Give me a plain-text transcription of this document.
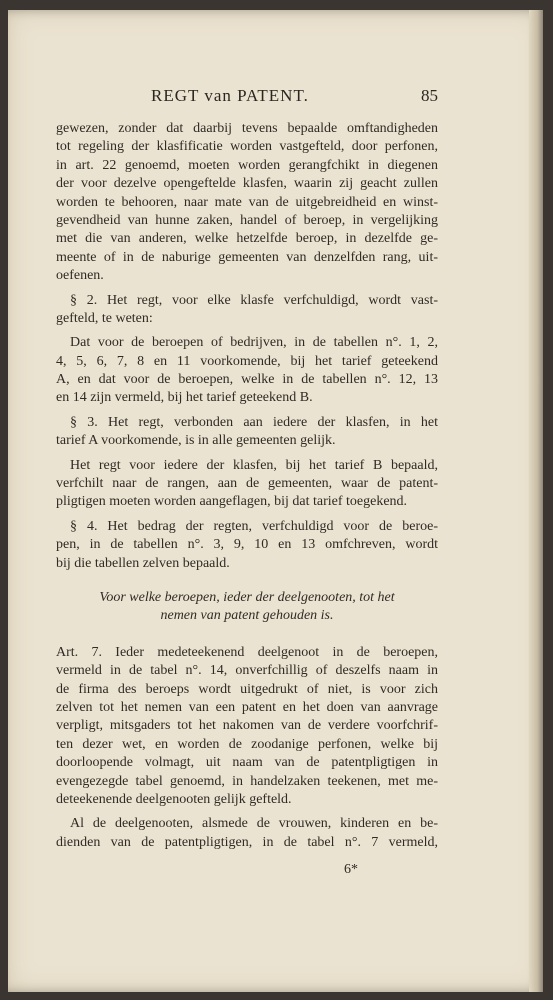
REGT van PATENT.	85
gewezen, zonder dat daarbij tevens bepaalde omftandigheden
tot regeling der klasfificatie worden vastgefteld, door perfonen,
in art. 22 genoemd, moeten worden gerangfchikt in diegenen
der voor dezelve opengeftelde klasfen, waarin zij geacht zullen
worden te behooren, naar mate van de uitgebreidheid en winst-
gevendheid van hunne zaken, handel of beroep, in vergelijking
met die van anderen, welke hetzelfde beroep, in dezelfde ge-
meente of in de naburige gemeenten van denzelfden rang, uit-
oefenen.
§ 2. Het regt, voor elke klasfe verfchuldigd, wordt vast-
gefteld, te weten:
Dat voor de beroepen of bedrijven, in de tabellen n°. 1, 2,
4, 5, 6, 7, 8 en 11 voorkomende, bij het tarief geteekend
A, en dat voor de beroepen, welke in de tabellen n°. 12, 13
en 14 zijn vermeld, bij het tarief geteekend B.
§ 3. Het regt, verbonden aan iedere der klasfen, in het
tarief A voorkomende, is in alle gemeenten gelijk.
Het regt voor iedere der klasfen, bij het tarief B bepaald,
verfchilt naar de rangen, aan de gemeenten, waar de patent-
pligtigen moeten worden aangeflagen, bij dat tarief toegekend.
§ 4. Het bedrag der regten, verfchuldigd voor de beroe-
pen, in de tabellen n°. 3, 9, 10 en 13 omfchreven, wordt
bij die tabellen zelven bepaald.
Voor welke beroepen, ieder der deelgenooten, tot het
nemen van patent gehouden is.
Art. 7. Ieder medeteekenend deelgenoot in de beroepen,
vermeld in de tabel n°. 14, onverfchillig of deszelfs naam in
de firma des beroeps wordt uitgedrukt of niet, is voor zich
zelven tot het nemen van een patent en het doen van aanvrage
verpligt, mitsgaders tot het nakomen van de verdere voorfchrif-
ten dezer wet, en worden de zoodanige perfonen, welke bij
doorloopende volmagt, uit naam van de patentpligtigen in
evengezegde tabel genoemd, in handelzaken teekenen, met me-
deteekenende deelgenooten gelijk gefteld.
Al de deelgenooten, alsmede de vrouwen, kinderen en be-
dienden van de patentpligtigen, in de tabel n°. 7 vermeld,
6*
